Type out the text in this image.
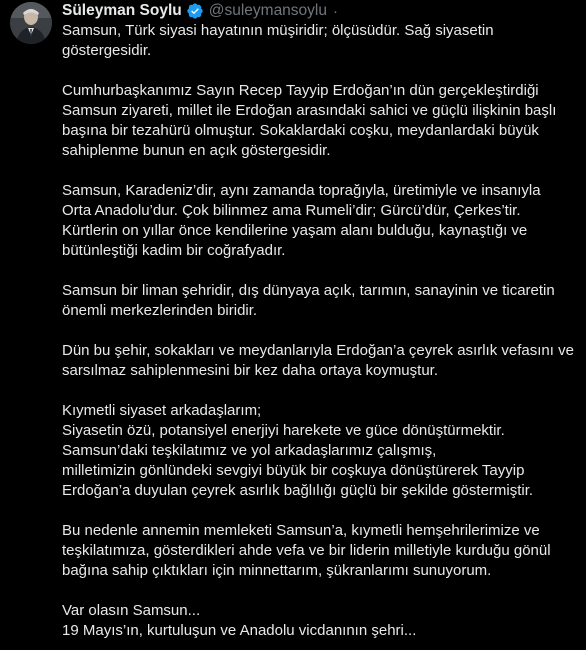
Süleyman Soylu @suleymansoylu ·

Samsun, Türk siyasi hayatının müşiridir; ölçüsüdür. Sağ siyasetin
göstergesidir.

Cumhurbaşkanımız Sayın Recep Tayyip Erdoğan’ın dün gerçekleştirdiği
Samsun ziyareti, millet ile Erdoğan arasındaki sahici ve güçlü ilişkinin başlı
başına bir tezahürü olmuştur. Sokaklardaki coşku, meydanlardaki büyük
sahiplenme bunun en açık göstergesidir.

Samsun, Karadeniz’dir, aynı zamanda toprağıyla, üretimiyle ve insanıyla
Orta Anadolu’dur. Çok bilinmez ama Rumeli’dir; Gürcü’dür, Çerkes’tir.
Kürtlerin on yıllar önce kendilerine yaşam alanı bulduğu, kaynaştığı ve
bütünleştiği kadim bir coğrafyadır.

Samsun bir liman şehridir, dış dünyaya açık, tarımın, sanayinin ve ticaretin
önemli merkezlerinden biridir.

Dün bu şehir, sokakları ve meydanlarıyla Erdoğan’a çeyrek asırlık vefasını ve
sarsılmaz sahiplenmesini bir kez daha ortaya koymuştur.

Kıymetli siyaset arkadaşlarım;
Siyasetin özü, potansiyel enerjiyi harekete ve güce dönüştürmektir.
Samsun’daki teşkilatımız ve yol arkadaşlarımız çalışmış,
milletimizin gönlündeki sevgiyi büyük bir coşkuya dönüştürerek Tayyip
Erdoğan’a duyulan çeyrek asırlık bağlılığı güçlü bir şekilde göstermiştir.

Bu nedenle annemin memleketi Samsun’a, kıymetli hemşehrilerimize ve
teşkilatımıza, gösterdikleri ahde vefa ve bir liderin milletiyle kurduğu gönül
bağına sahip çıktıkları için minnettarım, şükranlarımı sunuyorum.

Var olasın Samsun...
19 Mayıs’ın, kurtuluşun ve Anadolu vicdanının şehri...
